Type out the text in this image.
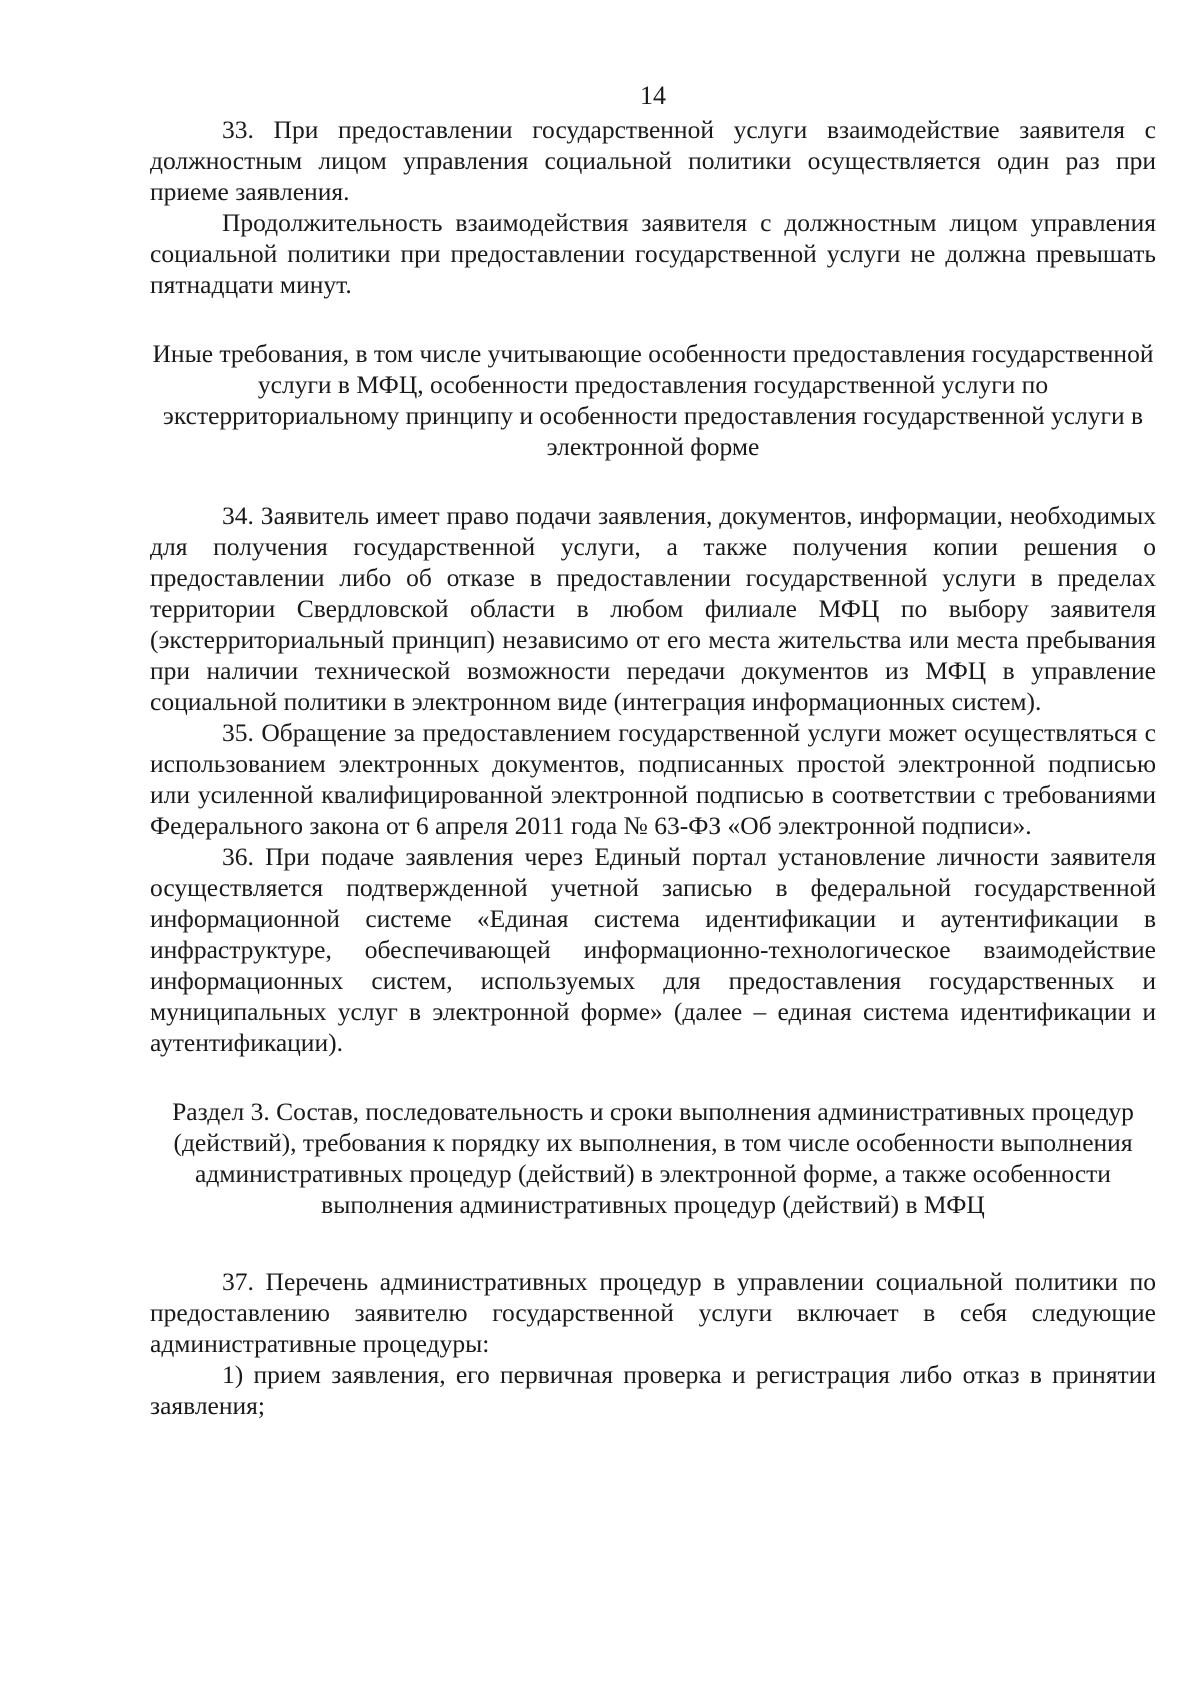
14

33. При предоставлении государственной услуги взаимодействие заявителя с должностным лицом управления социальной политики осуществляется один раз при приеме заявления.

Продолжительность взаимодействия заявителя с должностным лицом управления социальной политики при предоставлении государственной услуги не должна превышать пятнадцати минут.

Иные требования, в том числе учитывающие особенности предоставления государственной услуги в МФЦ, особенности предоставления государственной услуги по экстерриториальному принципу и особенности предоставления государственной услуги в электронной форме

34. Заявитель имеет право подачи заявления, документов, информации, необходимых для получения государственной услуги, а также получения копии решения о предоставлении либо об отказе в предоставлении государственной услуги в пределах территории Свердловской области в любом филиале МФЦ по выбору заявителя (экстерриториальный принцип) независимо от его места жительства или места пребывания при наличии технической возможности передачи документов из МФЦ в управление социальной политики в электронном виде (интеграция информационных систем).

35. Обращение за предоставлением государственной услуги может осуществляться с использованием электронных документов, подписанных простой электронной подписью или усиленной квалифицированной электронной подписью в соответствии с требованиями Федерального закона от 6 апреля 2011 года № 63-ФЗ «Об электронной подписи».

36. При подаче заявления через Единый портал установление личности заявителя осуществляется подтвержденной учетной записью в федеральной государственной информационной системе «Единая система идентификации и аутентификации в инфраструктуре, обеспечивающей информационно-технологическое взаимодействие информационных систем, используемых для предоставления государственных и муниципальных услуг в электронной форме» (далее – единая система идентификации и аутентификации).

Раздел 3. Состав, последовательность и сроки выполнения административных процедур (действий), требования к порядку их выполнения, в том числе особенности выполнения административных процедур (действий) в электронной форме, а также особенности выполнения административных процедур (действий) в МФЦ

37. Перечень административных процедур в управлении социальной политики по предоставлению заявителю государственной услуги включает в себя следующие административные процедуры:

1) прием заявления, его первичная проверка и регистрация либо отказ в принятии заявления;
